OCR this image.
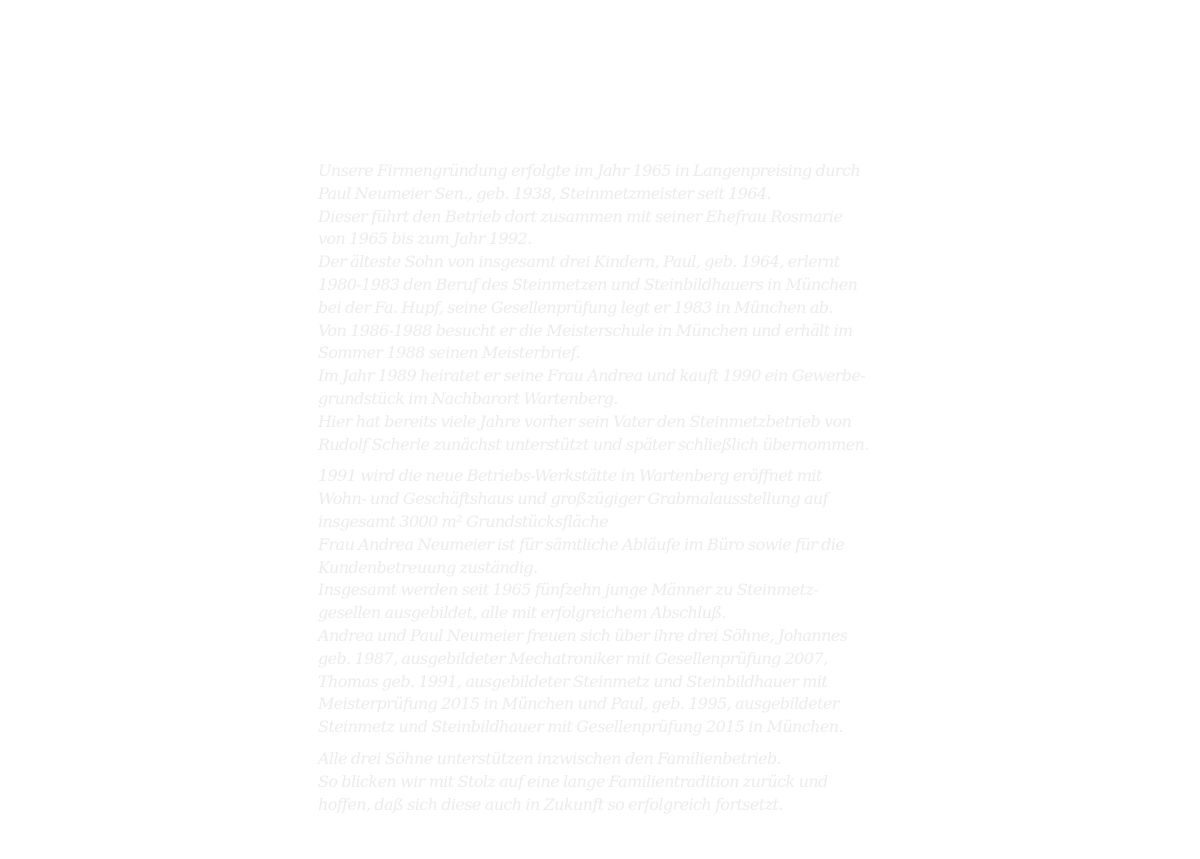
Unsere Firmengründung erfolgte im Jahr 1965 in Langenpreising durch
Paul Neumeier Sen., geb. 1938, Steinmetzmeister seit 1964.
Dieser führt den Betrieb dort zusammen mit seiner Ehefrau Rosmarie
von 1965 bis zum Jahr 1992.
Der älteste Sohn von insgesamt drei Kindern, Paul, geb. 1964, erlernt
1980-1983 den Beruf des Steinmetzen und Steinbildhauers in München
bei der Fa. Hupf, seine Gesellenprüfung legt er 1983 in München ab.
Von 1986-1988 besucht er die Meisterschule in München und erhält im
Sommer 1988 seinen Meisterbrief.
Im Jahr 1989 heiratet er seine Frau Andrea und kauft 1990 ein Gewerbe-
grundstück im Nachbarort Wartenberg.
Hier hat bereits viele Jahre vorher sein Vater den Steinmetzbetrieb von
Rudolf Scherle zunächst unterstützt und später schließlich übernommen.

1991 wird die neue Betriebs-Werkstätte in Wartenberg eröffnet mit
Wohn- und Geschäftshaus und großzügiger Grabmalausstellung auf
insgesamt 3000 m² Grundstücksfläche
Frau Andrea Neumeier ist für sämtliche Abläufe im Büro sowie für die
Kundenbetreuung zuständig.
Insgesamt werden seit 1965 fünfzehn junge Männer zu Steinmetz-
gesellen ausgebildet, alle mit erfolgreichem Abschluß.
Andrea und Paul Neumeier freuen sich über ihre drei Söhne, Johannes
geb. 1987, ausgebildeter Mechatroniker mit Gesellenprüfung 2007,
Thomas geb. 1991, ausgebildeter Steinmetz und Steinbildhauer mit
Meisterprüfung 2015 in München und Paul, geb. 1995, ausgebildeter
Steinmetz und Steinbildhauer mit Gesellenprüfung 2015 in München.

Alle drei Söhne unterstützen inzwischen den Familienbetrieb.
So blicken wir mit Stolz auf eine lange Familientradition zurück und
hoffen, daß sich diese auch in Zukunft so erfolgreich fortsetzt.
